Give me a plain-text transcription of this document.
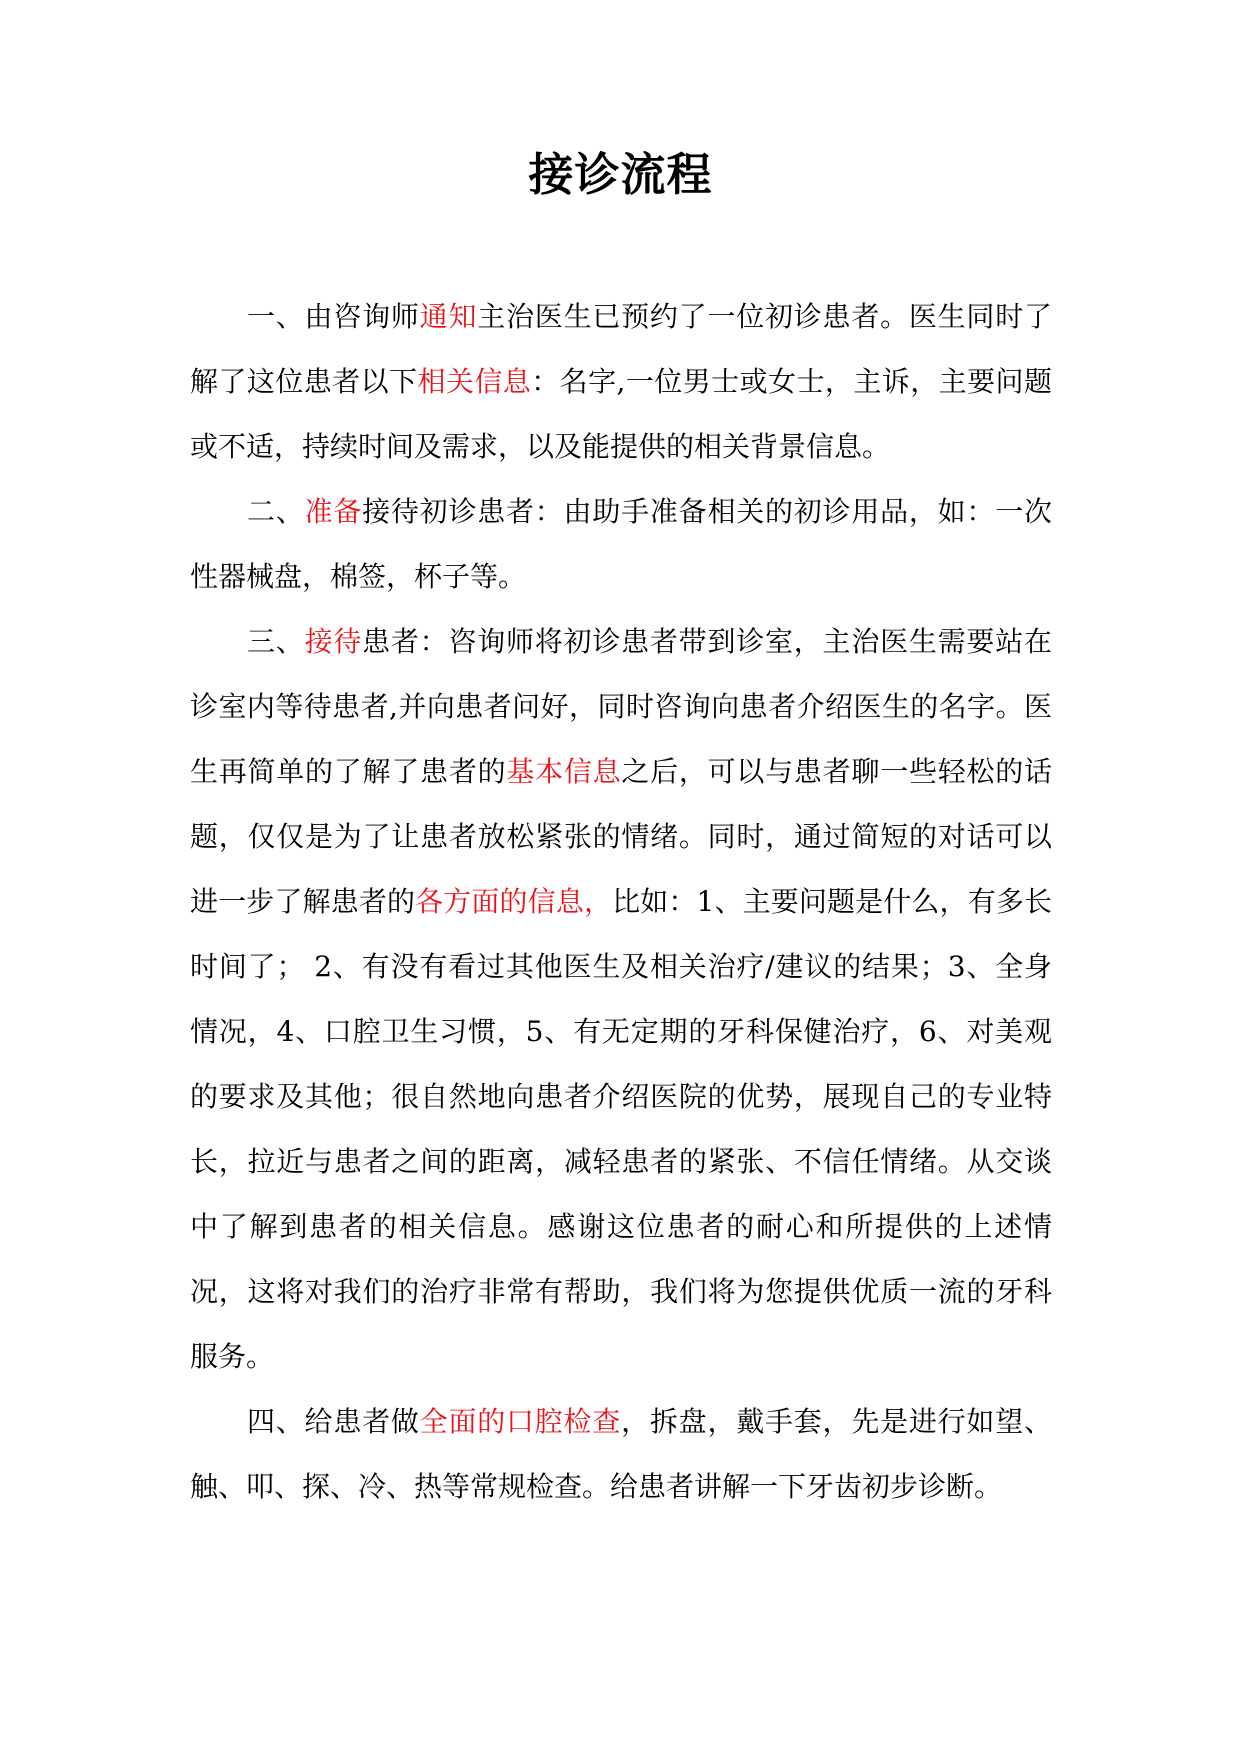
接诊流程

一、由咨询师通知主治医生已预约了一位初诊患者。医生同时了解了这位患者以下相关信息：名字,一位男士或女士，主诉，主要问题或不适，持续时间及需求，以及能提供的相关背景信息。

二、准备接待初诊患者：由助手准备相关的初诊用品，如：一次性器械盘，棉签，杯子等。

三、接待患者：咨询师将初诊患者带到诊室，主治医生需要站在诊室内等待患者,并向患者问好，同时咨询向患者介绍医生的名字。医生再简单的了解了患者的基本信息之后，可以与患者聊一些轻松的话题，仅仅是为了让患者放松紧张的情绪。同时，通过简短的对话可以进一步了解患者的各方面的信息，比如：1、主要问题是什么，有多长时间了； 2、有没有看过其他医生及相关治疗/建议的结果；3、全身情况，4、口腔卫生习惯，5、有无定期的牙科保健治疗，6、对美观的要求及其他；很自然地向患者介绍医院的优势，展现自己的专业特长，拉近与患者之间的距离，减轻患者的紧张、不信任情绪。从交谈中了解到患者的相关信息。感谢这位患者的耐心和所提供的上述情况，这将对我们的治疗非常有帮助，我们将为您提供优质一流的牙科服务。

四、给患者做全面的口腔检查，拆盘，戴手套，先是进行如望、触、叩、探、冷、热等常规检查。给患者讲解一下牙齿初步诊断。
